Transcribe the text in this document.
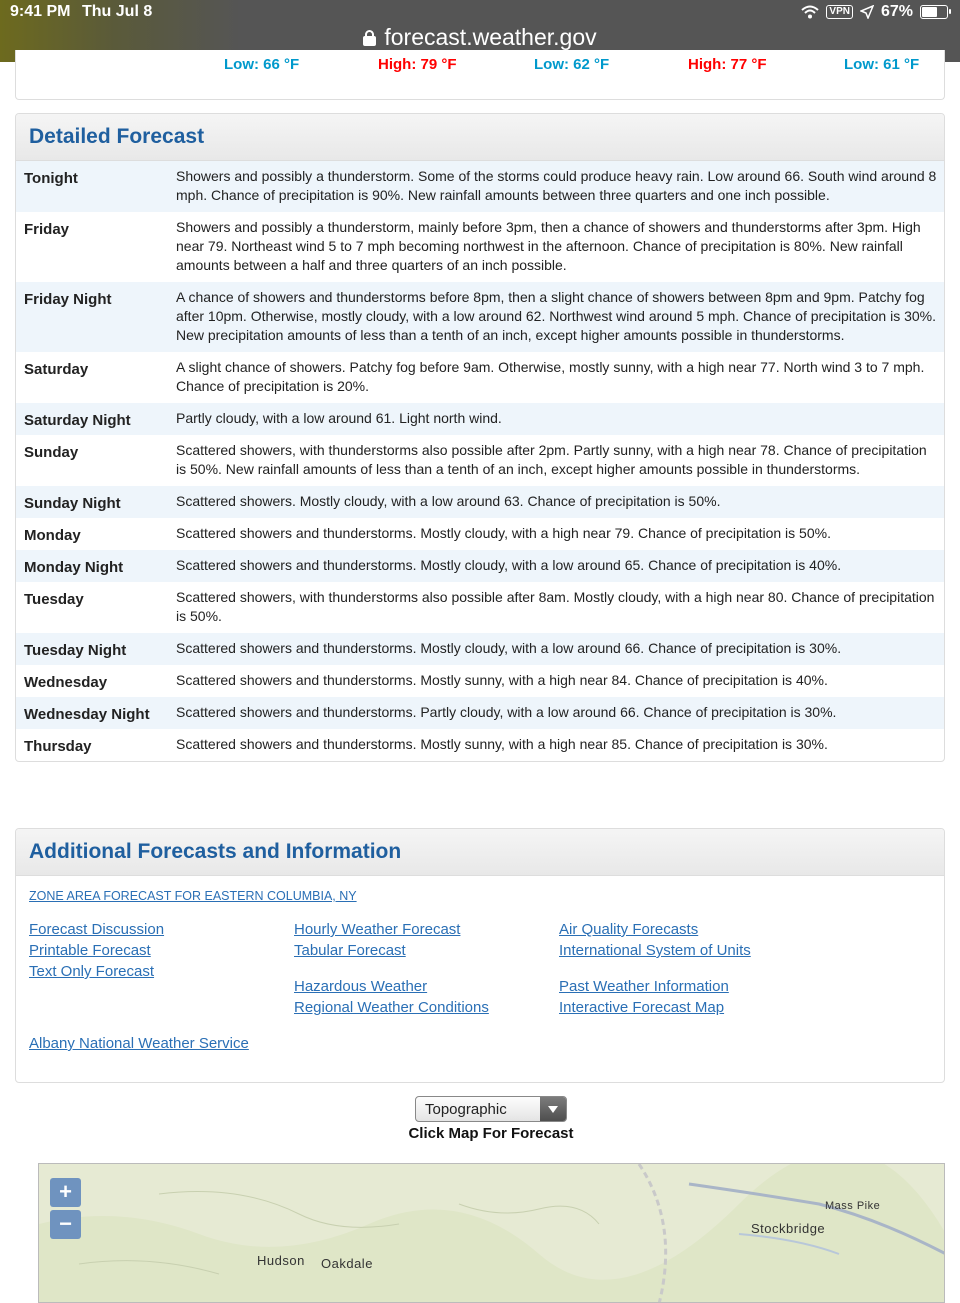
9:41 PM Thu Jul 8	VPN 67%
forecast.weather.gov
Low: 66 °F	High: 79 °F	Low: 62 °F	High: 77 °F	Low: 61 °F
Detailed Forecast
Tonight	Showers and possibly a thunderstorm. Some of the storms could produce heavy rain. Low around 66. South wind around 8 mph. Chance of precipitation is 90%. New rainfall amounts between three quarters and one inch possible.
Friday	Showers and possibly a thunderstorm, mainly before 3pm, then a chance of showers and thunderstorms after 3pm. High near 79. Northeast wind 5 to 7 mph becoming northwest in the afternoon. Chance of precipitation is 80%. New rainfall amounts between a half and three quarters of an inch possible.
Friday Night	A chance of showers and thunderstorms before 8pm, then a slight chance of showers between 8pm and 9pm. Patchy fog after 10pm. Otherwise, mostly cloudy, with a low around 62. Northwest wind around 5 mph. Chance of precipitation is 30%. New precipitation amounts of less than a tenth of an inch, except higher amounts possible in thunderstorms.
Saturday	A slight chance of showers. Patchy fog before 9am. Otherwise, mostly sunny, with a high near 77. North wind 3 to 7 mph. Chance of precipitation is 20%.
Saturday Night	Partly cloudy, with a low around 61. Light north wind.
Sunday	Scattered showers, with thunderstorms also possible after 2pm. Partly sunny, with a high near 78. Chance of precipitation is 50%. New rainfall amounts of less than a tenth of an inch, except higher amounts possible in thunderstorms.
Sunday Night	Scattered showers. Mostly cloudy, with a low around 63. Chance of precipitation is 50%.
Monday	Scattered showers and thunderstorms. Mostly cloudy, with a high near 79. Chance of precipitation is 50%.
Monday Night	Scattered showers and thunderstorms. Mostly cloudy, with a low around 65. Chance of precipitation is 40%.
Tuesday	Scattered showers, with thunderstorms also possible after 8am. Mostly cloudy, with a high near 80. Chance of precipitation is 50%.
Tuesday Night	Scattered showers and thunderstorms. Mostly cloudy, with a low around 66. Chance of precipitation is 30%.
Wednesday	Scattered showers and thunderstorms. Mostly sunny, with a high near 84. Chance of precipitation is 40%.
Wednesday Night	Scattered showers and thunderstorms. Partly cloudy, with a low around 66. Chance of precipitation is 30%.
Thursday	Scattered showers and thunderstorms. Mostly sunny, with a high near 85. Chance of precipitation is 30%.
Additional Forecasts and Information
ZONE AREA FORECAST FOR EASTERN COLUMBIA, NY
Forecast Discussion
Printable Forecast
Text Only Forecast
Hourly Weather Forecast
Tabular Forecast
Hazardous Weather
Regional Weather Conditions
Air Quality Forecasts
International System of Units
Past Weather Information
Interactive Forecast Map
Albany National Weather Service
Topographic
Click Map For Forecast
+
−
Mass Pike
Stockbridge
Hudson Oakdale
